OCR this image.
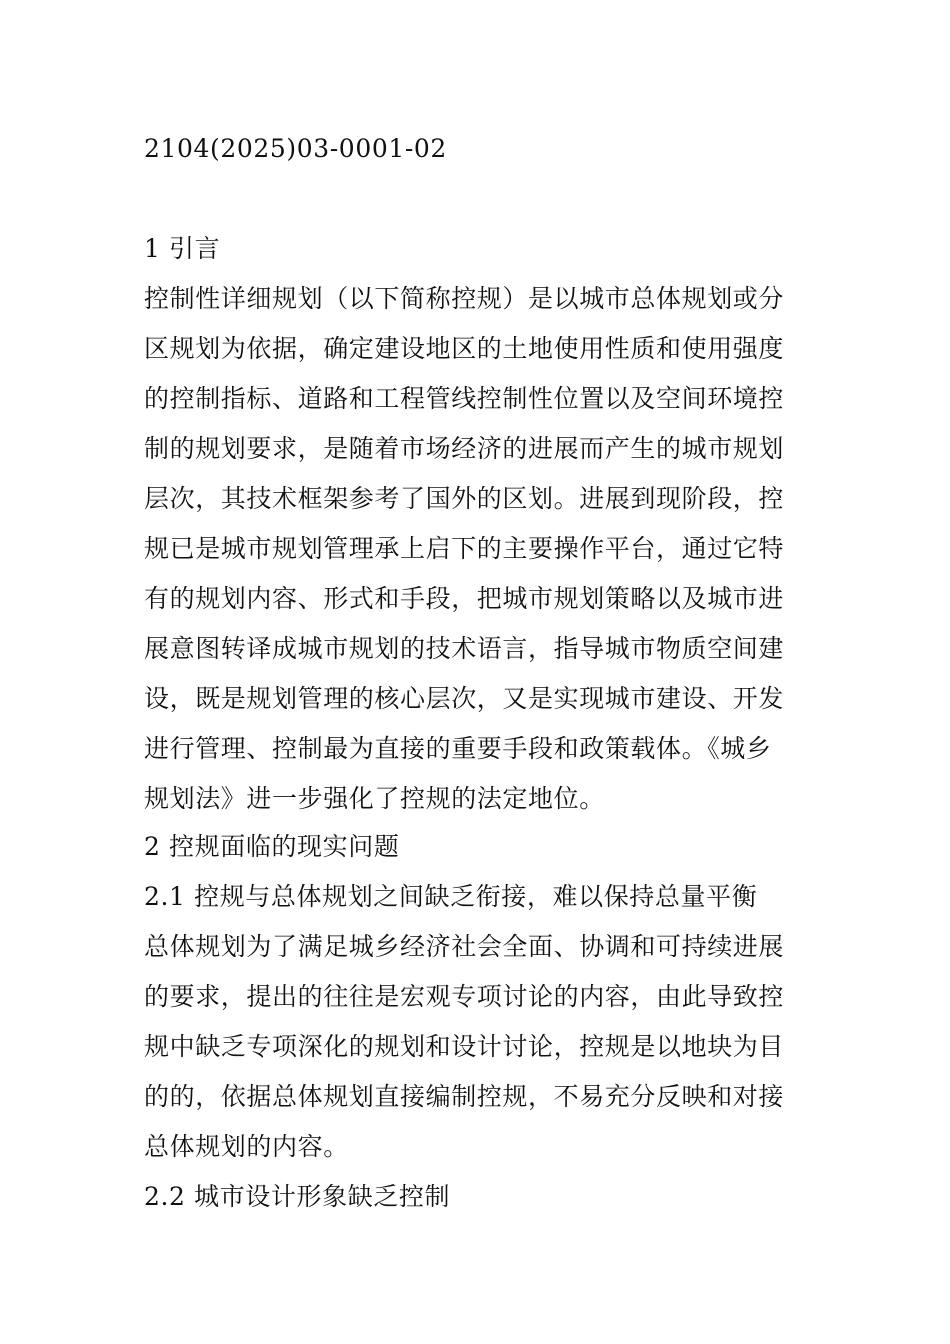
2104(2025)03-0001-02
1 引言
控制性详细规划（以下简称控规）是以城市总体规划或分
区规划为依据，确定建设地区的土地使用性质和使用强度
的控制指标、道路和工程管线控制性位置以及空间环境控
制的规划要求，是随着市场经济的进展而产生的城市规划
层次，其技术框架参考了国外的区划。进展到现阶段，控
规已是城市规划管理承上启下的主要操作平台，通过它特
有的规划内容、形式和手段，把城市规划策略以及城市进
展意图转译成城市规划的技术语言，指导城市物质空间建
设，既是规划管理的核心层次，又是实现城市建设、开发
进行管理、控制最为直接的重要手段和政策载体。《城乡
规划法》进一步强化了控规的法定地位。
2 控规面临的现实问题
2.1 控规与总体规划之间缺乏衔接，难以保持总量平衡
总体规划为了满足城乡经济社会全面、协调和可持续进展
的要求，提出的往往是宏观专项讨论的内容，由此导致控
规中缺乏专项深化的规划和设计讨论，控规是以地块为目
的的，依据总体规划直接编制控规，不易充分反映和对接
总体规划的内容。
2.2 城市设计形象缺乏控制
